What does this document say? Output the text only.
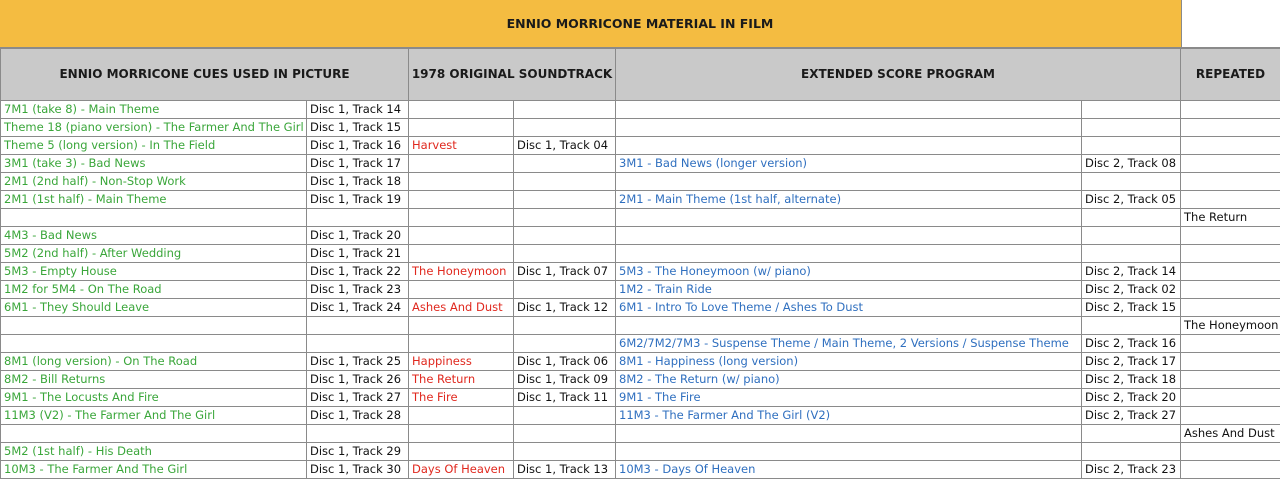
ENNIO MORRICONE MATERIAL IN FILM
ENNIO MORRICONE CUES USED IN PICTURE		1978 ORIGINAL SOUNDTRACK		EXTENDED SCORE PROGRAM		REPEATED
7M1 (take 8) - Main Theme	Disc 1, Track 14					
Theme 18 (piano version) - The Farmer And The Girl	Disc 1, Track 15					
Theme 5 (long version) - In The Field	Disc 1, Track 16	Harvest	Disc 1, Track 04			
3M1 (take 3) - Bad News	Disc 1, Track 17			3M1 - Bad News (longer version)	Disc 2, Track 08	
2M1 (2nd half) - Non-Stop Work	Disc 1, Track 18					
2M1 (1st half) - Main Theme	Disc 1, Track 19			2M1 - Main Theme (1st half, alternate)	Disc 2, Track 05	
						The Return
4M3 - Bad News	Disc 1, Track 20					
5M2 (2nd half) - After Wedding	Disc 1, Track 21					
5M3 - Empty House	Disc 1, Track 22	The Honeymoon	Disc 1, Track 07	5M3 - The Honeymoon (w/ piano)	Disc 2, Track 14	
1M2 for 5M4 - On The Road	Disc 1, Track 23			1M2 - Train Ride	Disc 2, Track 02	
6M1 - They Should Leave	Disc 1, Track 24	Ashes And Dust	Disc 1, Track 12	6M1 - Intro To Love Theme / Ashes To Dust	Disc 2, Track 15	
						The Honeymoon
				6M2/7M2/7M3 - Suspense Theme / Main Theme, 2 Versions / Suspense Theme	Disc 2, Track 16	
8M1 (long version) - On The Road	Disc 1, Track 25	Happiness	Disc 1, Track 06	8M1 - Happiness (long version)	Disc 2, Track 17	
8M2 - Bill Returns	Disc 1, Track 26	The Return	Disc 1, Track 09	8M2 - The Return (w/ piano)	Disc 2, Track 18	
9M1 - The Locusts And Fire	Disc 1, Track 27	The Fire	Disc 1, Track 11	9M1 - The Fire	Disc 2, Track 20	
11M3 (V2) - The Farmer And The Girl	Disc 1, Track 28			11M3 - The Farmer And The Girl (V2)	Disc 2, Track 27	
						Ashes And Dust
5M2 (1st half) - His Death	Disc 1, Track 29					
10M3 - The Farmer And The Girl	Disc 1, Track 30	Days Of Heaven	Disc 1, Track 13	10M3 - Days Of Heaven	Disc 2, Track 23	
